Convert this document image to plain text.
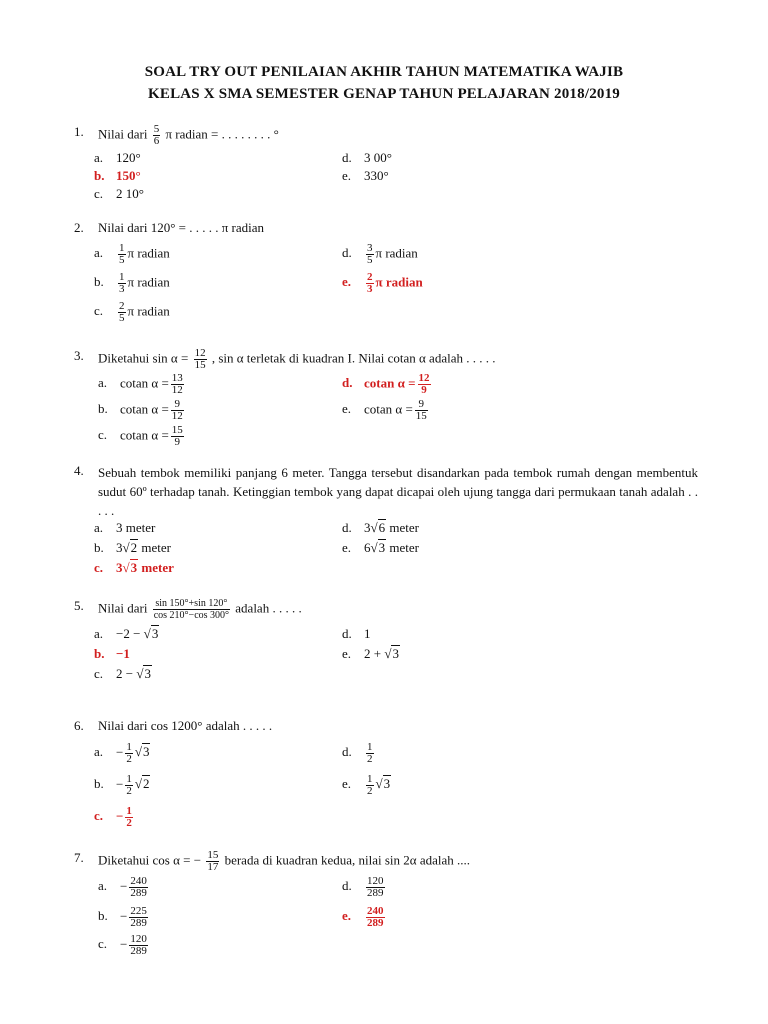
SOAL TRY OUT PENILAIAN AKHIR TAHUN MATEMATIKA WAJIB
KELAS X SMA SEMESTER GENAP TAHUN PELAJARAN 2018/2019
1. Nilai dari $\frac{5}{6}$ π radian = . . . . . . . . °
a. 120°
b. 150°
c. 2 10°
d. 3 00°
e. 330°
2. Nilai dari 120° = . . . . . π radian
a. $\frac{1}{5}$ π radian
b. $\frac{1}{3}$ π radian
c. $\frac{2}{5}$ π radian
d. $\frac{3}{5}$ π radian
e. $\frac{2}{3}$ π radian
3. Diketahui $\sin \alpha = \frac{12}{15}$ , sin α terletak di kuadran I. Nilai cotan α adalah . . . . .
a. cotan $\alpha = \frac{13}{12}$
b. cotan $\alpha = \frac{9}{12}$
c. cotan $\alpha = \frac{15}{9}$
d. cotan $\alpha = \frac{12}{9}$
e. cotan $\alpha = \frac{9}{15}$
4. Sebuah tembok memiliki panjang 6 meter. Tangga tersebut disandarkan pada tembok rumah dengan membentuk sudut 60º terhadap tanah. Ketinggian tembok yang dapat dicapai oleh ujung tangga dari permukaan tanah adalah . . . . .
a. 3 meter
b. 3√2 meter
c. 3√3 meter
d. 3√6 meter
e. 6√3 meter
5. Nilai dari $\frac{\sin 150^\circ+\sin 120^\circ}{\cos 210^\circ-\cos 300^\circ}$ adalah . . . . .
a. −2 − √3
b. −1
c. 2 − √3
d. 1
e. 2 + √3
6. Nilai dari cos 1200° adalah . . . . .
a. − $\frac{1}{2} √3$
b. − $\frac{1}{2} √2$
c. − $\frac{1}{2}$
d. $\frac{1}{2}$
e. $\frac{1}{2} √3$
7. Diketahui cos α = − $\frac{15}{17}$ berada di kuadran kedua, nilai sin 2α adalah ....
a. − $\frac{240}{289}$
b. − $\frac{225}{289}$
c. − $\frac{120}{289}$
d. $\frac{120}{289}$
e. $\frac{240}{289}$
